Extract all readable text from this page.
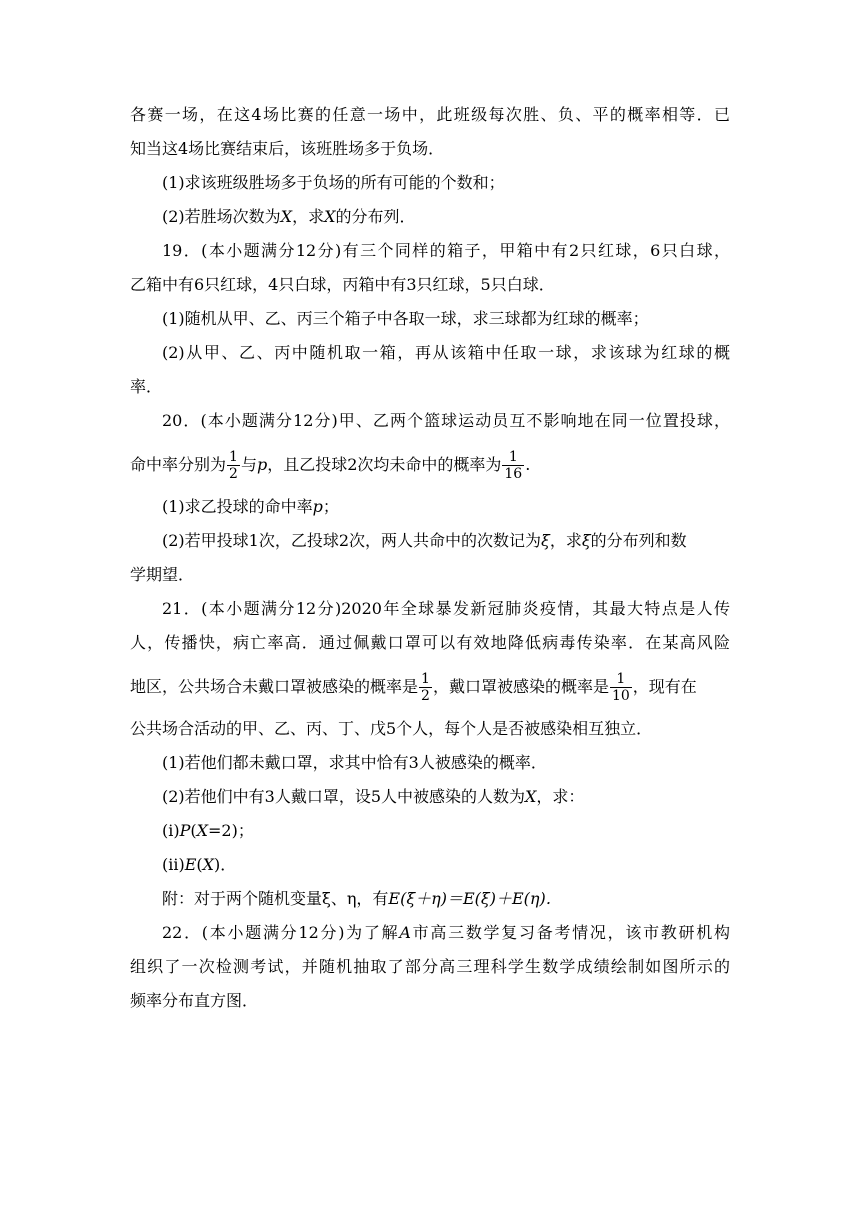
各赛一场，在这4场比赛的任意一场中，此班级每次胜、负、平的概率相等．已
知当这4场比赛结束后，该班胜场多于负场．
(1)求该班级胜场多于负场的所有可能的个数和；
(2)若胜场次数为X，求X的分布列．
19．(本小题满分12分)有三个同样的箱子，甲箱中有2只红球，6只白球，
乙箱中有6只红球，4只白球，丙箱中有3只红球，5只白球．
(1)随机从甲、乙、丙三个箱子中各取一球，求三球都为红球的概率；
(2)从甲、乙、丙中随机取一箱，再从该箱中任取一球，求该球为红球的概
率．
20．(本小题满分12分)甲、乙两个篮球运动员互不影响地在同一位置投球，
命中率分别为 $\frac{1}{2}$ 与p，且乙投球2次均未命中的概率为 $\frac{1}{16}$ .
(1)求乙投球的命中率p；
(2)若甲投球1次，乙投球2次，两人共命中的次数记为ξ，求ξ的分布列和数
学期望．
21．(本小题满分12分)2020年全球暴发新冠肺炎疫情，其最大特点是人传
人，传播快，病亡率高．通过佩戴口罩可以有效地降低病毒传染率．在某高风险
地区，公共场合未戴口罩被感染的概率是 $\frac{1}{2}$ ，戴口罩被感染的概率是 $\frac{1}{10}$ ，现有在
公共场合活动的甲、乙、丙、丁、戊5个人，每个人是否被感染相互独立．
(1)若他们都未戴口罩，求其中恰有3人被感染的概率．
(2)若他们中有3人戴口罩，设5人中被感染的人数为X，求：
(ⅰ)P(X=2)；
(ⅱ)E(X)．
附：对于两个随机变量ξ、η，有E(ξ＋η)＝E(ξ)＋E(η)．
22．(本小题满分12分)为了解A市高三数学复习备考情况，该市教研机构
组织了一次检测考试，并随机抽取了部分高三理科学生数学成绩绘制如图所示的
频率分布直方图．
